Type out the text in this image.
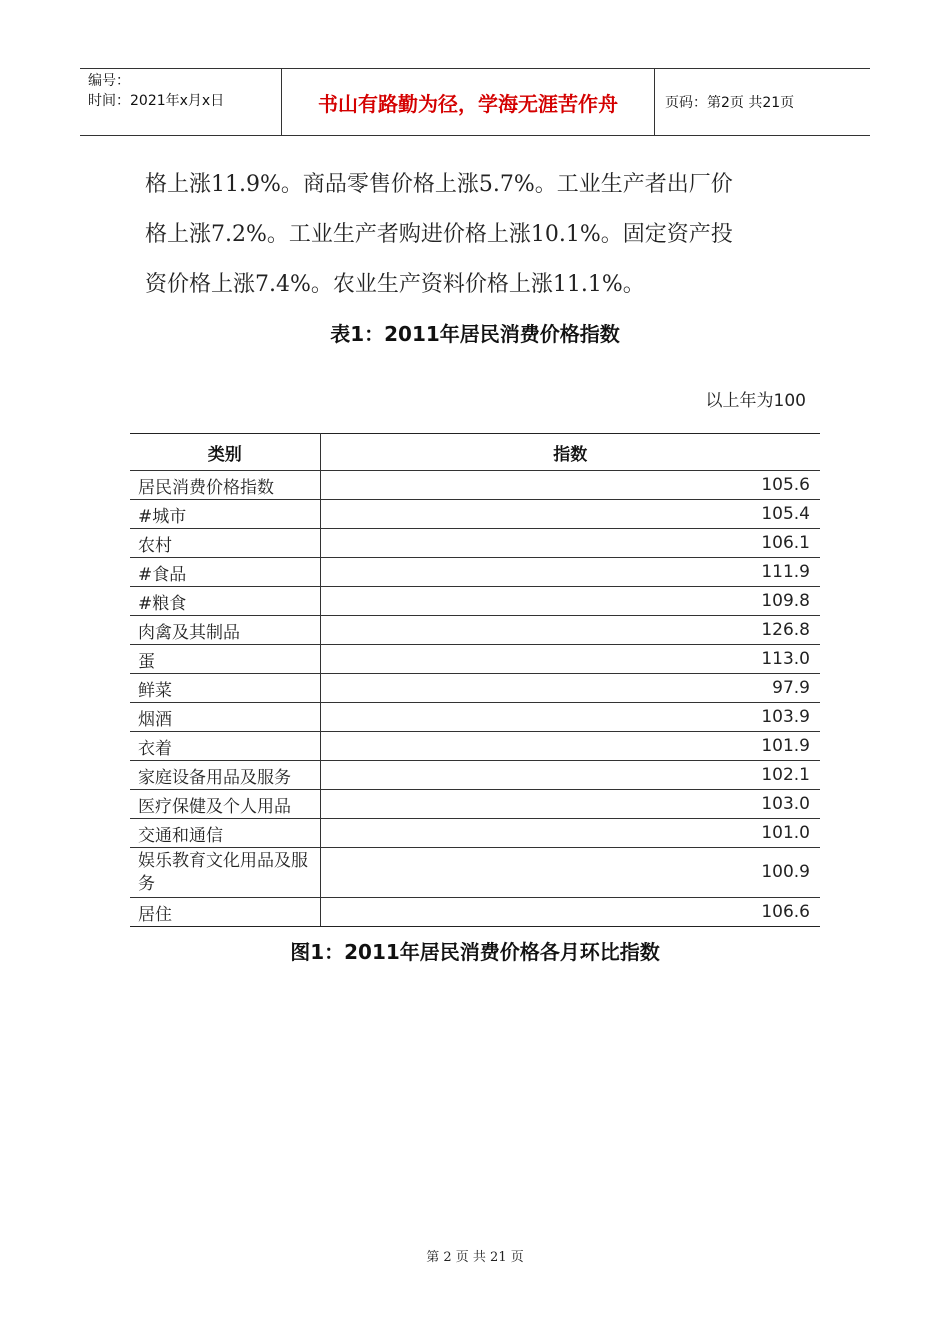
编号：
时间：2021年x月x日	书山有路勤为径，学海无涯苦作舟	页码：第2页 共21页

格上涨11.9%。商品零售价格上涨5.7%。工业生产者出厂价

格上涨7.2%。工业生产者购进价格上涨10.1%。固定资产投

资价格上涨7.4%。农业生产资料价格上涨11.1%。

表1：2011年居民消费价格指数
以上年为100
类别	指数
居民消费价格指数	105.6
#城市	105.4
农村	106.1
#食品	111.9
#粮食	109.8
肉禽及其制品	126.8
蛋	113.0
鲜菜	97.9
烟酒	103.9
衣着	101.9
家庭设备用品及服务	102.1
医疗保健及个人用品	103.0
交通和通信	101.0
娱乐教育文化用品及服务	100.9
居住	106.6
图1：2011年居民消费价格各月环比指数
第 2 页 共 21 页
